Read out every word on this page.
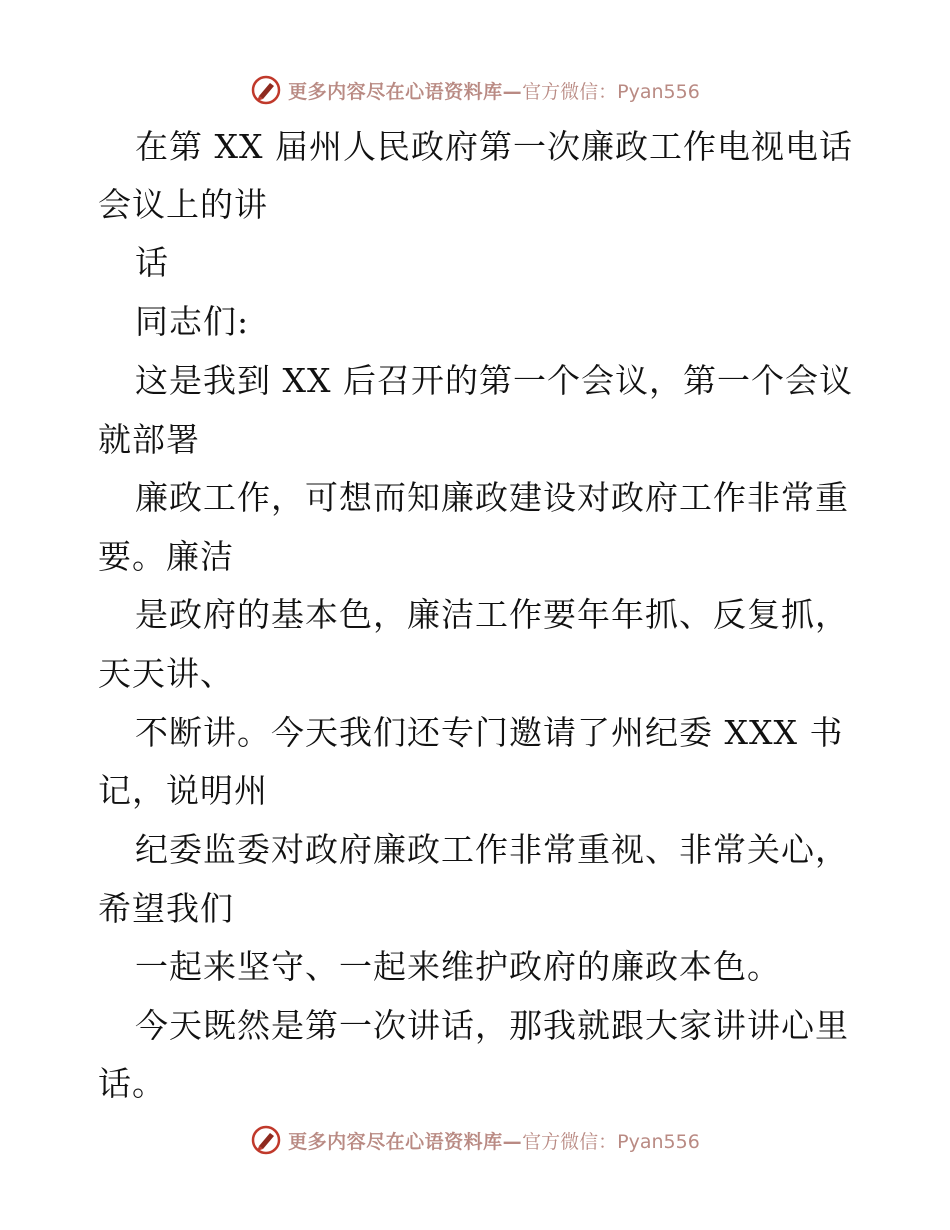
更多内容尽在心语资料库— 官方微信：Pyan556
在第 XX 届州人民政府第一次廉政工作电视电话
会议上的讲
话
同志们:
这是我到 XX 后召开的第一个会议，第一个会议
就部署
廉政工作，可想而知廉政建设对政府工作非常重
要。廉洁
是政府的基本色，廉洁工作要年年抓、反复抓，
天天讲、
不断讲。今天我们还专门邀请了州纪委 XXX 书
记，说明州
纪委监委对政府廉政工作非常重视、非常关心，
希望我们
一起来坚守、一起来维护政府的廉政本色。
今天既然是第一次讲话，那我就跟大家讲讲心里
话。
更多内容尽在心语资料库— 官方微信：Pyan556
